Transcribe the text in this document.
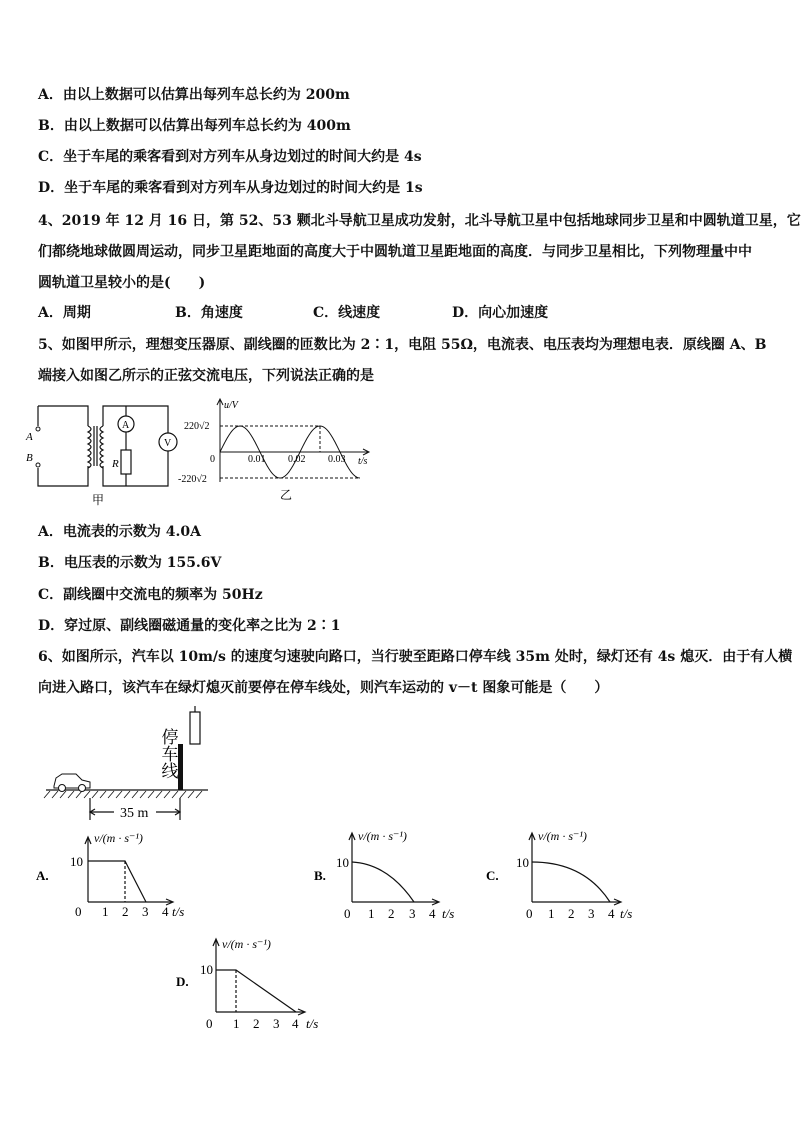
A．由以上数据可以估算出每列车总长约为 200m
B．由以上数据可以估算出每列车总长约为 400m
C．坐于车尾的乘客看到对方列车从身边划过的时间大约是 4s
D．坐于车尾的乘客看到对方列车从身边划过的时间大约是 1s
4、2019 年 12 月 16 日，第 52、53 颗北斗导航卫星成功发射，北斗导航卫星中包括地球同步卫星和中圆轨道卫星，它
们都绕地球做圆周运动，同步卫星距地面的高度大于中圆轨道卫星距地面的高度．与同步卫星相比，下列物理量中中
圆轨道卫星较小的是(　　)
A．周期	B．角速度	C．线速度	D．向心加速度
5、如图甲所示，理想变压器原、副线圈的匝数比为 2∶1，电阻 55Ω，电流表、电压表均为理想电表．原线圈 A、B
端接入如图乙所示的正弦交流电压，下列说法正确的是
A
B
A
V
R
甲
u/V
220√2
-220√2
0	0.01 0.02 0.03 t/s
乙
A．电流表的示数为 4.0A
B．电压表的示数为 155.6V
C．副线圈中交流电的频率为 50Hz
D．穿过原、副线圈磁通量的变化率之比为 2∶1
6、如图所示，汽车以 10m/s 的速度匀速驶向路口，当行驶至距路口停车线 35m 处时，绿灯还有 4s 熄灭．由于有人横
向进入路口，该汽车在绿灯熄灭前要停在停车线处，则汽车运动的 v－t 图象可能是（　　）
停车线
35 m
A.
v/(m · s⁻¹)
10
0 1 2 3 4 t/s
B.
v/(m · s⁻¹)
10
0 1 2 3 4 t/s
C.
v/(m · s⁻¹)
10
0 1 2 3 4 t/s
D.
v/(m · s⁻¹)
10
0 1 2 3 4 t/s
